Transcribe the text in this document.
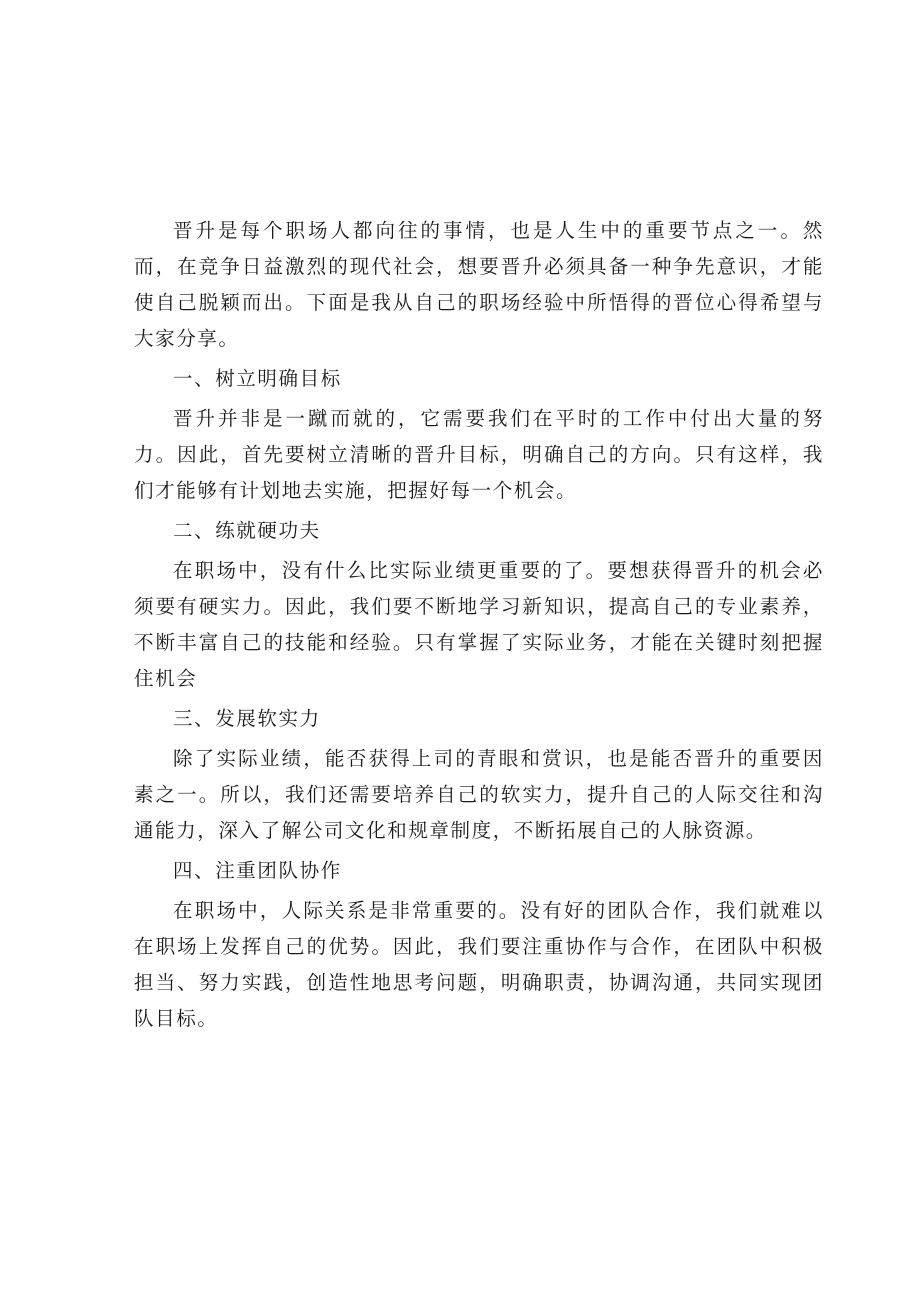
晋升是每个职场人都向往的事情，也是人生中的重要节点之一。然而，在竞争日益激烈的现代社会，想要晋升必须具备一种争先意识，才能使自己脱颖而出。下面是我从自己的职场经验中所悟得的晋位心得希望与大家分享。

一、树立明确目标

晋升并非是一蹴而就的，它需要我们在平时的工作中付出大量的努力。因此，首先要树立清晰的晋升目标，明确自己的方向。只有这样，我们才能够有计划地去实施，把握好每一个机会。

二、练就硬功夫

在职场中，没有什么比实际业绩更重要的了。要想获得晋升的机会必须要有硬实力。因此，我们要不断地学习新知识，提高自己的专业素养，不断丰富自己的技能和经验。只有掌握了实际业务，才能在关键时刻把握住机会

三、发展软实力

除了实际业绩，能否获得上司的青眼和赏识，也是能否晋升的重要因素之一。所以，我们还需要培养自己的软实力，提升自己的人际交往和沟通能力，深入了解公司文化和规章制度，不断拓展自己的人脉资源。

四、注重团队协作

在职场中，人际关系是非常重要的。没有好的团队合作，我们就难以在职场上发挥自己的优势。因此，我们要注重协作与合作，在团队中积极担当、努力实践，创造性地思考问题，明确职责，协调沟通，共同实现团队目标。
